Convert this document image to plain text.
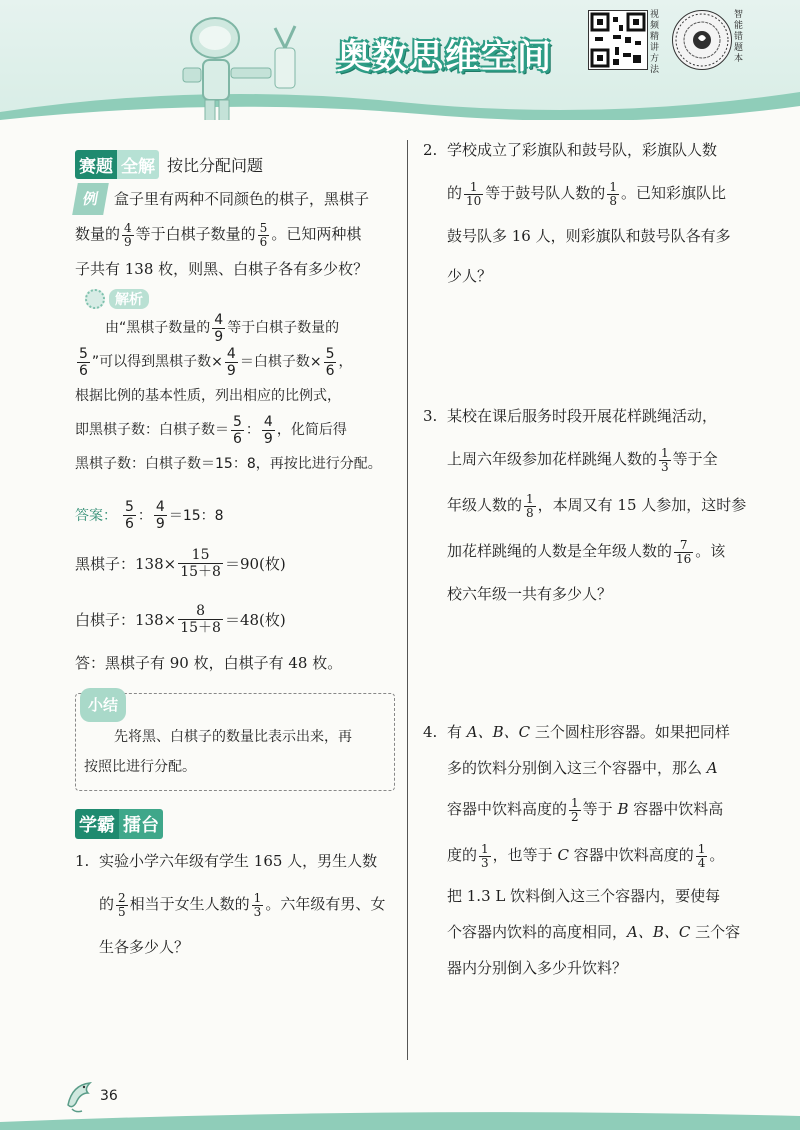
奥数思维空间
视频精讲方法
智能错题本
赛题 全解 按比分配问题
例 盒子里有两种不同颜色的棋子，黑棋子
数量的 $\frac{4}{9}$ 等于白棋子数量的 $\frac{5}{6}$ 。已知两种棋
子共有 138 枚，则黑、白棋子各有多少枚？
解析
由“黑棋子数量的 $\frac{4}{9}$ 等于白棋子数量的
$\frac{5}{6}$ ”可以得到黑棋子数× $\frac{4}{9}$ ＝白棋子数× $\frac{5}{6}$ ，
根据比例的基本性质，列出相应的比例式，
即黑棋子数：白棋子数＝ $\frac{5}{6}$ ： $\frac{4}{9}$ ，化简后得
黑棋子数：白棋子数＝15：8，再按比进行分配。
答案： $\frac{5}{6}$ ： $\frac{4}{9} =15$：8
黑棋子：$138\times \frac{15}{15+8} =90$(枚)
白棋子：$138\times \frac{8}{15+8} =48$(枚)
答：黑棋子有 90 枚，白棋子有 48 枚。
小结
先将黑、白棋子的数量比表示出来，再
按照比进行分配。
学霸 擂台
1. 实验小学六年级有学生 165 人，男生人数
的 $\frac{2}{5}$ 相当于女生人数的 $\frac{1}{3}$ 。六年级有男、女
生各多少人？
2. 学校成立了彩旗队和鼓号队，彩旗队人数
的 $\frac{1}{10}$ 等于鼓号队人数的 $\frac{1}{8}$ 。已知彩旗队比
鼓号队多 16 人，则彩旗队和鼓号队各有多
少人？
3. 某校在课后服务时段开展花样跳绳活动，
上周六年级参加花样跳绳人数的 $\frac{1}{3}$ 等于全
年级人数的 $\frac{1}{8}$ ，本周又有 15 人参加，这时参
加花样跳绳的人数是全年级人数的 $\frac{7}{16}$ 。该
校六年级一共有多少人？
4. 有 A、B、C 三个圆柱形容器。如果把同样
多的饮料分别倒入这三个容器中，那么 A
容器中饮料高度的 $\frac{1}{2}$ 等于 B 容器中饮料高
度的 $\frac{1}{3}$ ，也等于 C 容器中饮料高度的 $\frac{1}{4}$ 。
把 1.3 L 饮料倒入这三个容器内，要使每
个容器内饮料的高度相同，A、B、C 三个容
器内分别倒入多少升饮料？
36
